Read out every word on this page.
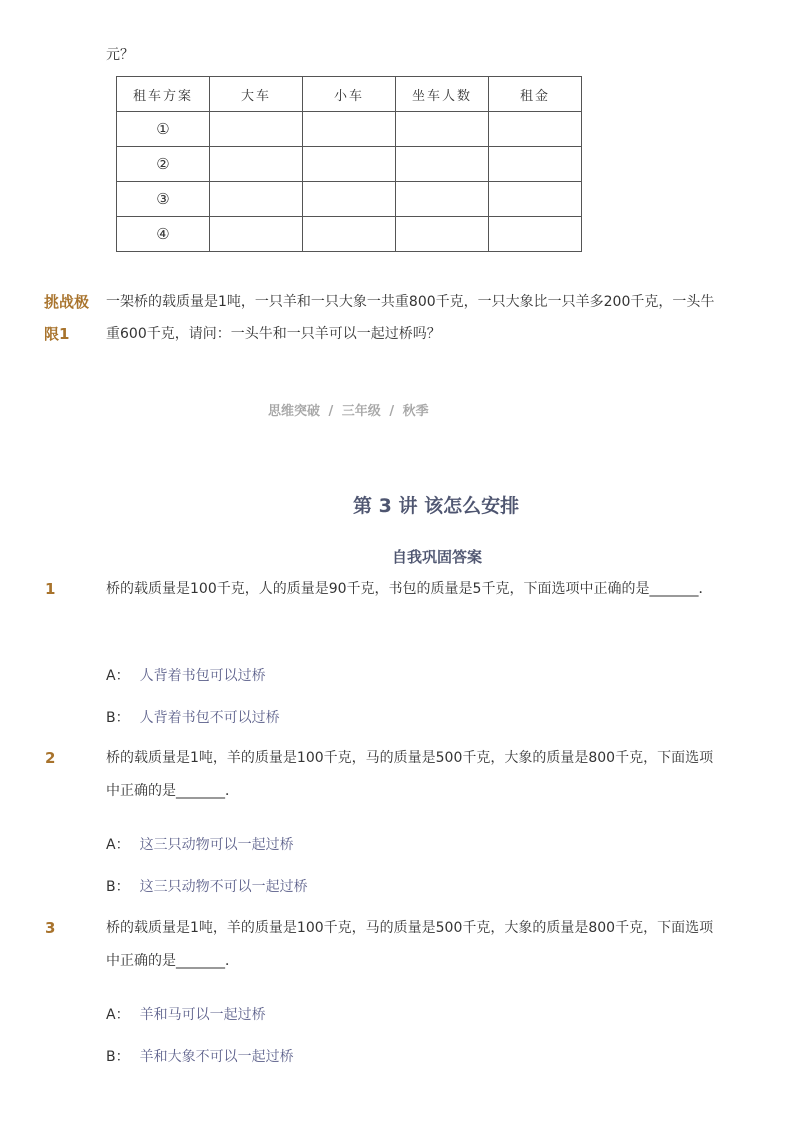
元？
租车方案	大车	小车	坐车人数	租金
①				
②				
③				
④				
挑战极
限1
一架桥的载质量是1吨，一只羊和一只大象一共重800千克，一只大象比一只羊多200千克，一头牛重600千克，请问：一头牛和一只羊可以一起过桥吗？
思维突破 / 三年级 / 秋季
第 3 讲 该怎么安排
自我巩固答案
1	桥的载质量是100千克，人的质量是90千克，书包的质量是5千克，下面选项中正确的是_______．
A： 人背着书包可以过桥
B： 人背着书包不可以过桥
2	桥的载质量是1吨，羊的质量是100千克，马的质量是500千克，大象的质量是800千克，下面选项中正确的是_______．
A： 这三只动物可以一起过桥
B： 这三只动物不可以一起过桥
3	桥的载质量是1吨，羊的质量是100千克，马的质量是500千克，大象的质量是800千克，下面选项中正确的是_______．
A： 羊和马可以一起过桥
B： 羊和大象不可以一起过桥
